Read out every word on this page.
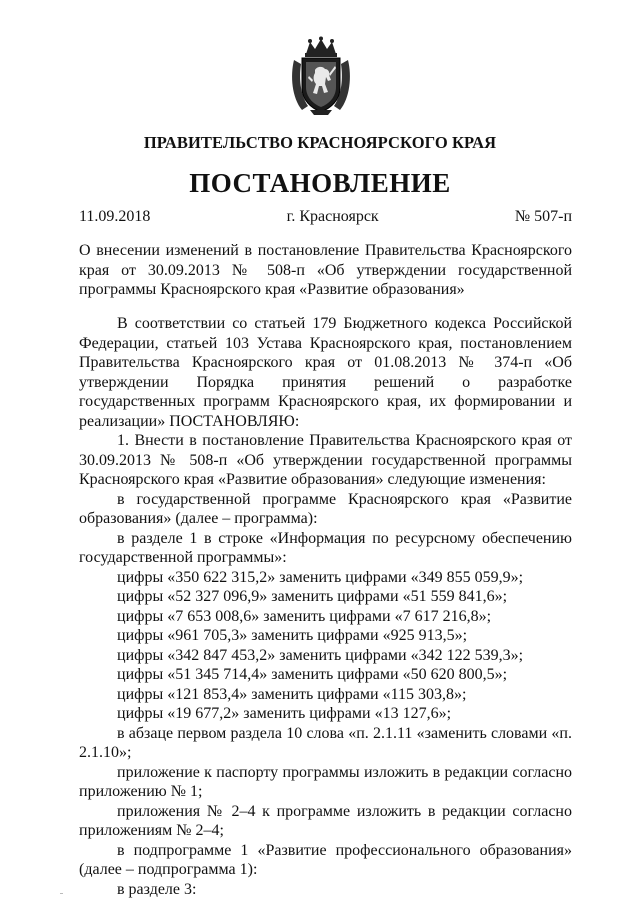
ПРАВИТЕЛЬСТВО КРАСНОЯРСКОГО КРАЯ
ПОСТАНОВЛЕНИЕ
11.09.2018	г. Красноярск	№ 507-п
О внесении изменений в постановление Правительства Красноярского края от 30.09.2013 № 508-п «Об утверждении государственной программы Красноярского края «Развитие образования»

В соответствии со статьей 179 Бюджетного кодекса Российской Федерации, статьей 103 Устава Красноярского края, постановлением Правительства Красноярского края от 01.08.2013 № 374-п «Об утверждении Порядка принятия решений о разработке государственных программ Красноярского края, их формировании и реализации» ПОСТАНОВЛЯЮ:

1. Внести в постановление Правительства Красноярского края от 30.09.2013 № 508-п «Об утверждении государственной программы Красноярского края «Развитие образования» следующие изменения:

в государственной программе Красноярского края «Развитие образования» (далее – программа):

в разделе 1 в строке «Информация по ресурсному обеспечению государственной программы»:

цифры «350 622 315,2» заменить цифрами «349 855 059,9»;

цифры «52 327 096,9» заменить цифрами «51 559 841,6»;

цифры «7 653 008,6» заменить цифрами «7 617 216,8»;

цифры «961 705,3» заменить цифрами «925 913,5»;

цифры «342 847 453,2» заменить цифрами «342 122 539,3»;

цифры «51 345 714,4» заменить цифрами «50 620 800,5»;

цифры «121 853,4» заменить цифрами «115 303,8»;

цифры «19 677,2» заменить цифрами «13 127,6»;

в абзаце первом раздела 10 слова «п. 2.1.11 «заменить словами «п. 2.1.10»;

приложение к паспорту программы изложить в редакции согласно приложению № 1;

приложения № 2–4 к программе изложить в редакции согласно приложениям № 2–4;

в подпрограмме 1 «Развитие профессионального образования» (далее – подпрограмма 1):

в разделе 3:
